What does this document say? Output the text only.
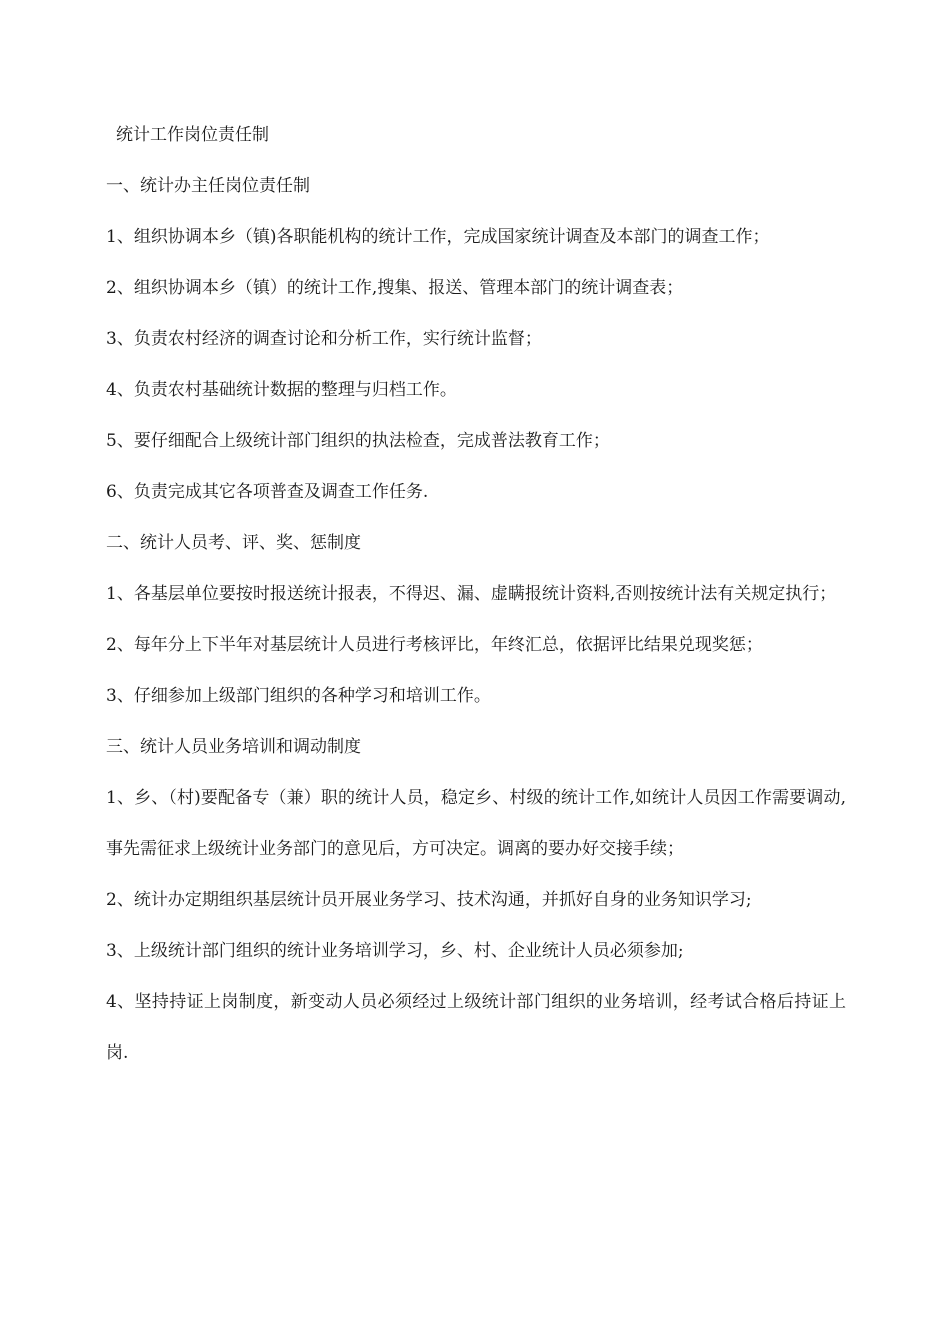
统计工作岗位责任制
一、统计办主任岗位责任制
1、组织协调本乡（镇)各职能机构的统计工作，完成国家统计调查及本部门的调查工作；
2、组织协调本乡（镇）的统计工作,搜集、报送、管理本部门的统计调查表；
3、负责农村经济的调查讨论和分析工作，实行统计监督；
4、负责农村基础统计数据的整理与归档工作。
5、要仔细配合上级统计部门组织的执法检查，完成普法教育工作；
6、负责完成其它各项普查及调查工作任务.
二、统计人员考、评、奖、惩制度
1、各基层单位要按时报送统计报表，不得迟、漏、虚瞒报统计资料,否则按统计法有关规定执行；
2、每年分上下半年对基层统计人员进行考核评比，年终汇总，依据评比结果兑现奖惩；
3、仔细参加上级部门组织的各种学习和培训工作。
三、统计人员业务培训和调动制度
1、乡、（村)要配备专（兼）职的统计人员，稳定乡、村级的统计工作,如统计人员因工作需要调动,事先需征求上级统计业务部门的意见后，方可决定。调离的要办好交接手续；
2、统计办定期组织基层统计员开展业务学习、技术沟通，并抓好自身的业务知识学习;
3、上级统计部门组织的统计业务培训学习，乡、村、企业统计人员必须参加;
4、坚持持证上岗制度，新变动人员必须经过上级统计部门组织的业务培训，经考试合格后持证上岗.
